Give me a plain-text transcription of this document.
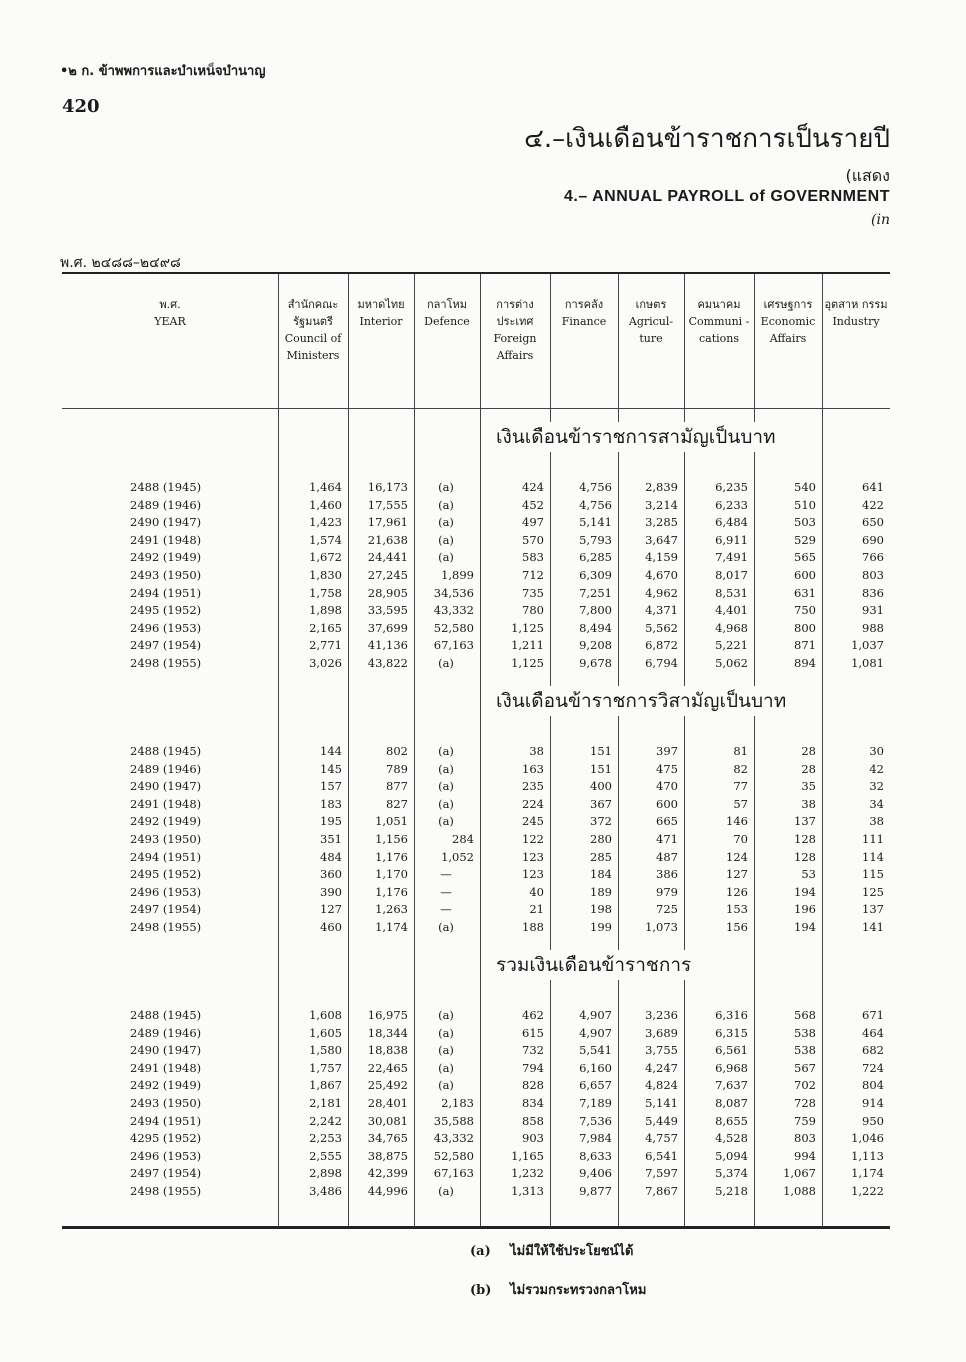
•๒ ก. ข้าพพการและบำเหน็จบำนาญ
420
๔.–เงินเดือนข้าราชการเป็นรายปี
(แสดง
4.– ANNUAL PAYROLL of GOVERNMENT
(in
พ.ศ. ๒๔๘๘–๒๔๙๘
พ.ศ.
YEAR
สำนักคณะ รัฐมนตรี
Council of Ministers
มหาดไทย
Interior
กลาโหม
Defence
การต่าง ประเทศ
Foreign Affairs
การคลัง
Finance
เกษตร
Agricul- ture
คมนาคม
Communi -cations
เศรษฐการ
Economic Affairs
อุตสาห กรรม
Industry
เงินเดือนข้าราชการสามัญเป็นบาท
2488 (1945)	1,464	16,173	(a)	424	4,756	2,839	6,235	540	641
2489 (1946)	1,460	17,555	(a)	452	4,756	3,214	6,233	510	422
2490 (1947)	1,423	17,961	(a)	497	5,141	3,285	6,484	503	650
2491 (1948)	1,574	21,638	(a)	570	5,793	3,647	6,911	529	690
2492 (1949)	1,672	24,441	(a)	583	6,285	4,159	7,491	565	766
2493 (1950)	1,830	27,245	1,899	712	6,309	4,670	8,017	600	803
2494 (1951)	1,758	28,905	34,536	735	7,251	4,962	8,531	631	836
2495 (1952)	1,898	33,595	43,332	780	7,800	4,371	4,401	750	931
2496 (1953)	2,165	37,699	52,580	1,125	8,494	5,562	4,968	800	988
2497 (1954)	2,771	41,136	67,163	1,211	9,208	6,872	5,221	871	1,037
2498 (1955)	3,026	43,822	(a)	1,125	9,678	6,794	5,062	894	1,081
เงินเดือนข้าราชการวิสามัญเป็นบาท
2488 (1945)	144	802	(a)	38	151	397	81	28	30
2489 (1946)	145	789	(a)	163	151	475	82	28	42
2490 (1947)	157	877	(a)	235	400	470	77	35	32
2491 (1948)	183	827	(a)	224	367	600	57	38	34
2492 (1949)	195	1,051	(a)	245	372	665	146	137	38
2493 (1950)	351	1,156	284	122	280	471	70	128	111
2494 (1951)	484	1,176	1,052	123	285	487	124	128	114
2495 (1952)	360	1,170	—	123	184	386	127	53	115
2496 (1953)	390	1,176	—	40	189	979	126	194	125
2497 (1954)	127	1,263	—	21	198	725	153	196	137
2498 (1955)	460	1,174	(a)	188	199	1,073	156	194	141
รวมเงินเดือนข้าราชการ
2488 (1945)	1,608	16,975	(a)	462	4,907	3,236	6,316	568	671
2489 (1946)	1,605	18,344	(a)	615	4,907	3,689	6,315	538	464
2490 (1947)	1,580	18,838	(a)	732	5,541	3,755	6,561	538	682
2491 (1948)	1,757	22,465	(a)	794	6,160	4,247	6,968	567	724
2492 (1949)	1,867	25,492	(a)	828	6,657	4,824	7,637	702	804
2493 (1950)	2,181	28,401	2,183	834	7,189	5,141	8,087	728	914
2494 (1951)	2,242	30,081	35,588	858	7,536	5,449	8,655	759	950
4295 (1952)	2,253	34,765	43,332	903	7,984	4,757	4,528	803	1,046
2496 (1953)	2,555	38,875	52,580	1,165	8,633	6,541	5,094	994	1,113
2497 (1954)	2,898	42,399	67,163	1,232	9,406	7,597	5,374	1,067	1,174
2498 (1955)	3,486	44,996	(a)	1,313	9,877	7,867	5,218	1,088	1,222
(a) ไม่มีให้ใช้ประโยชน์ได้
(b) ไม่รวมกระทรวงกลาโหม
